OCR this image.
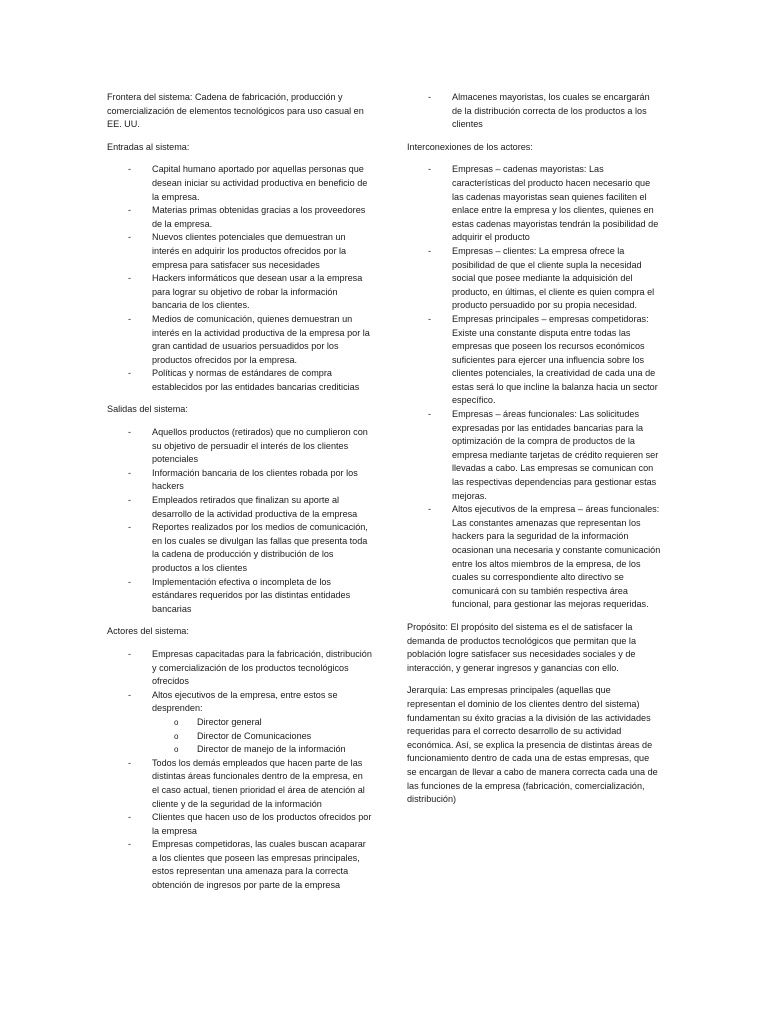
Frontera del sistema: Cadena de fabricación, producción y comercialización de elementos tecnológicos para uso casual en EE. UU.

Entradas al sistema:

- Capital humano aportado por aquellas personas que desean iniciar su actividad productiva en beneficio de la empresa.
- Materias primas obtenidas gracias a los proveedores de la empresa.
- Nuevos clientes potenciales que demuestran un interés en adquirir los productos ofrecidos por la empresa para satisfacer sus necesidades
- Hackers informáticos que desean usar a la empresa para lograr su objetivo de robar la información bancaria de los clientes.
- Medios de comunicación, quienes demuestran un interés en la actividad productiva de la empresa por la gran cantidad de usuarios persuadidos por los productos ofrecidos por la empresa.
- Políticas y normas de estándares de compra establecidos por las entidades bancarias crediticias

Salidas del sistema:

- Aquellos productos (retirados) que no cumplieron con su objetivo de persuadir el interés de los clientes potenciales
- Información bancaria de los clientes robada por los hackers
- Empleados retirados que finalizan su aporte al desarrollo de la actividad productiva de la empresa
- Reportes realizados por los medios de comunicación, en los cuales se divulgan las fallas que presenta toda la cadena de producción y distribución de los productos a los clientes
- Implementación efectiva o incompleta de los estándares requeridos por las distintas entidades bancarias

Actores del sistema:

- Empresas capacitadas para la fabricación, distribución y comercialización de los productos tecnológicos ofrecidos
- Altos ejecutivos de la empresa, entre estos se desprenden:
o Director general
o Director de Comunicaciones
o Director de manejo de la información
- Todos los demás empleados que hacen parte de las distintas áreas funcionales dentro de la empresa, en el caso actual, tienen prioridad el área de atención al cliente y de la seguridad de la información
- Clientes que hacen uso de los productos ofrecidos por la empresa
- Empresas competidoras, las cuales buscan acaparar a los clientes que poseen las empresas principales, estos representan una amenaza para la correcta obtención de ingresos por parte de la empresa
- Almacenes mayoristas, los cuales se encargarán de la distribución correcta de los productos a los clientes

Interconexiones de los actores:

- Empresas – cadenas mayoristas: Las características del producto hacen necesario que las cadenas mayoristas sean quienes faciliten el enlace entre la empresa y los clientes, quienes en estas cadenas mayoristas tendrán la posibilidad de adquirir el producto
- Empresas – clientes: La empresa ofrece la posibilidad de que el cliente supla la necesidad social que posee mediante la adquisición del producto, en últimas, el cliente es quien compra el producto persuadido por su propia necesidad.
- Empresas principales – empresas competidoras: Existe una constante disputa entre todas las empresas que poseen los recursos económicos suficientes para ejercer una influencia sobre los clientes potenciales, la creatividad de cada una de estas será lo que incline la balanza hacia un sector específico.
- Empresas – áreas funcionales: Las solicitudes expresadas por las entidades bancarias para la optimización de la compra de productos de la empresa mediante tarjetas de crédito requieren ser llevadas a cabo. Las empresas se comunican con las respectivas dependencias para gestionar estas mejoras.
- Altos ejecutivos de la empresa – áreas funcionales: Las constantes amenazas que representan los hackers para la seguridad de la información ocasionan una necesaria y constante comunicación entre los altos miembros de la empresa, de los cuales su correspondiente alto directivo se comunicará con su también respectiva área funcional, para gestionar las mejoras requeridas.

Propósito: El propósito del sistema es el de satisfacer la demanda de productos tecnológicos que permitan que la población logre satisfacer sus necesidades sociales y de interacción, y generar ingresos y ganancias con ello.

Jerarquía: Las empresas principales (aquellas que representan el dominio de los clientes dentro del sistema) fundamentan su éxito gracias a la división de las actividades requeridas para el correcto desarrollo de su actividad económica. Así, se explica la presencia de distintas áreas de funcionamiento dentro de cada una de estas empresas, que se encargan de llevar a cabo de manera correcta cada una de las funciones de la empresa (fabricación, comercialización, distribución)
